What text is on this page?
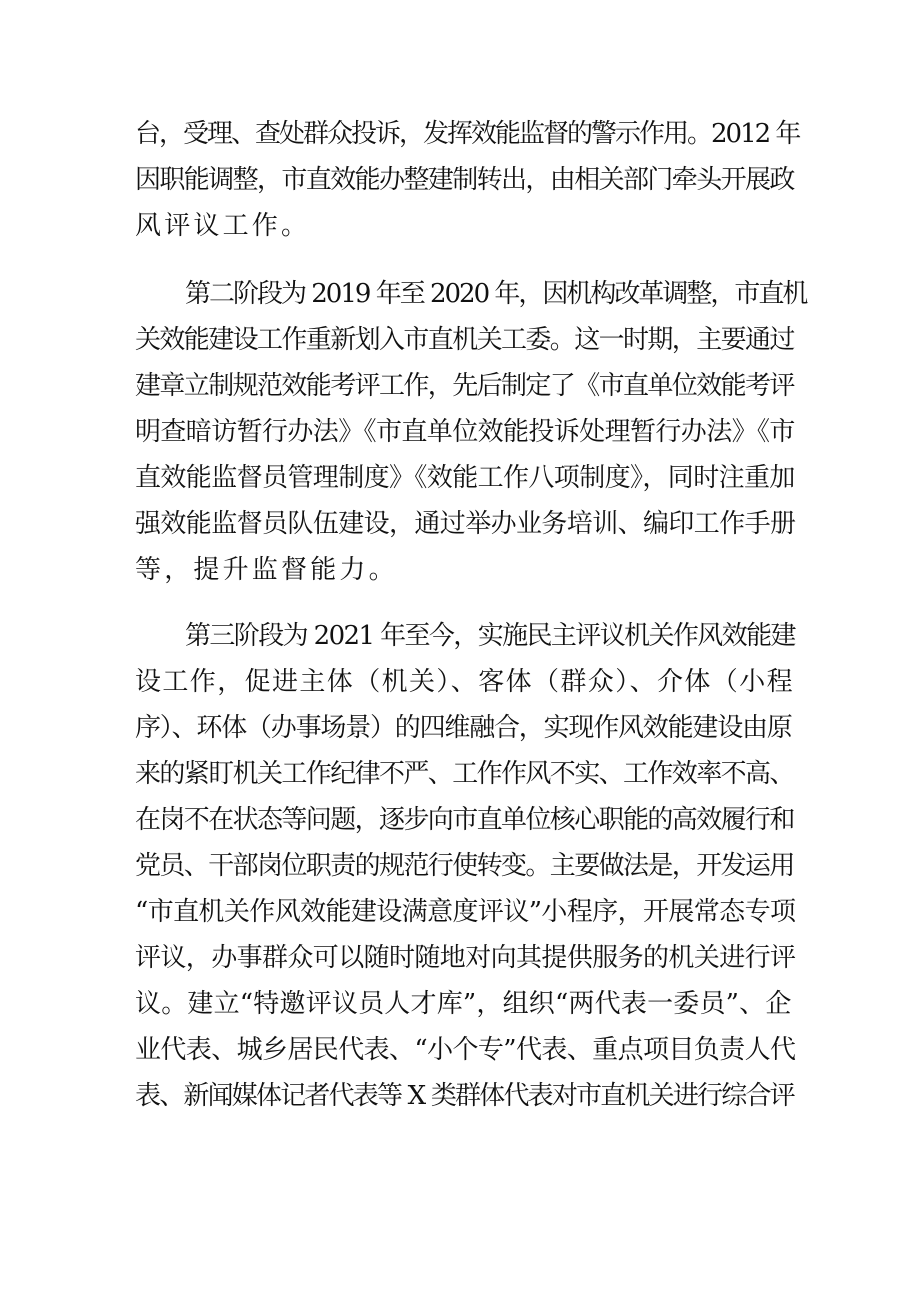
台，受理、查处群众投诉，发挥效能监督的警示作用。2012 年
因职能调整，市直效能办整建制转出，由相关部门牵头开展政
风评议工作。
第二阶段为 2019 年至 2020 年，因机构改革调整，市直机
关效能建设工作重新划入市直机关工委。这一时期，主要通过
建章立制规范效能考评工作，先后制定了《市直单位效能考评
明查暗访暂行办法》《市直单位效能投诉处理暂行办法》《市
直效能监督员管理制度》《效能工作八项制度》，同时注重加
强效能监督员队伍建设，通过举办业务培训、编印工作手册
等，提升监督能力。
第三阶段为 2021 年至今，实施民主评议机关作风效能建
设工作，促进主体（机关）、客体（群众）、介体（小程
序）、环体（办事场景）的四维融合，实现作风效能建设由原
来的紧盯机关工作纪律不严、工作作风不实、工作效率不高、
在岗不在状态等问题，逐步向市直单位核心职能的高效履行和
党员、干部岗位职责的规范行使转变。主要做法是，开发运用
“市直机关作风效能建设满意度评议”小程序，开展常态专项
评议，办事群众可以随时随地对向其提供服务的机关进行评
议。建立“特邀评议员人才库”，组织“两代表一委员”、企
业代表、城乡居民代表、“小个专”代表、重点项目负责人代
表、新闻媒体记者代表等 X 类群体代表对市直机关进行综合评
